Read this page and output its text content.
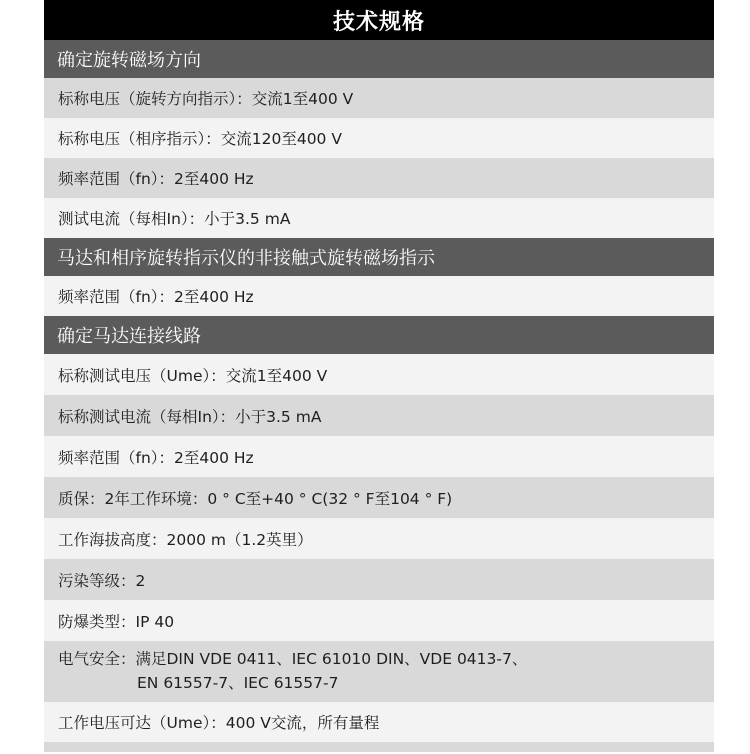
技术规格
确定旋转磁场方向
标称电压（旋转方向指示）：交流1至400 V
标称电压（相序指示）：交流120至400 V
频率范围（fn）：2至400 Hz
测试电流（每相In）：小于3.5 mA
马达和相序旋转指示仪的非接触式旋转磁场指示
频率范围（fn）：2至400 Hz
确定马达连接线路
标称测试电压（Ume）：交流1至400 V
标称测试电流（每相In）：小于3.5 mA
频率范围（fn）：2至400 Hz
质保：2年工作环境：0 ° C至+40 ° C(32 ° F至104 ° F)
工作海拔高度：2000 m（1.2英里）
污染等级：2
防爆类型：IP 40
电气安全：满足DIN VDE 0411、IEC 61010 DIN、VDE 0413-7、
EN 61557-7、IEC 61557-7
工作电压可达（Ume）：400 V交流，所有量程
